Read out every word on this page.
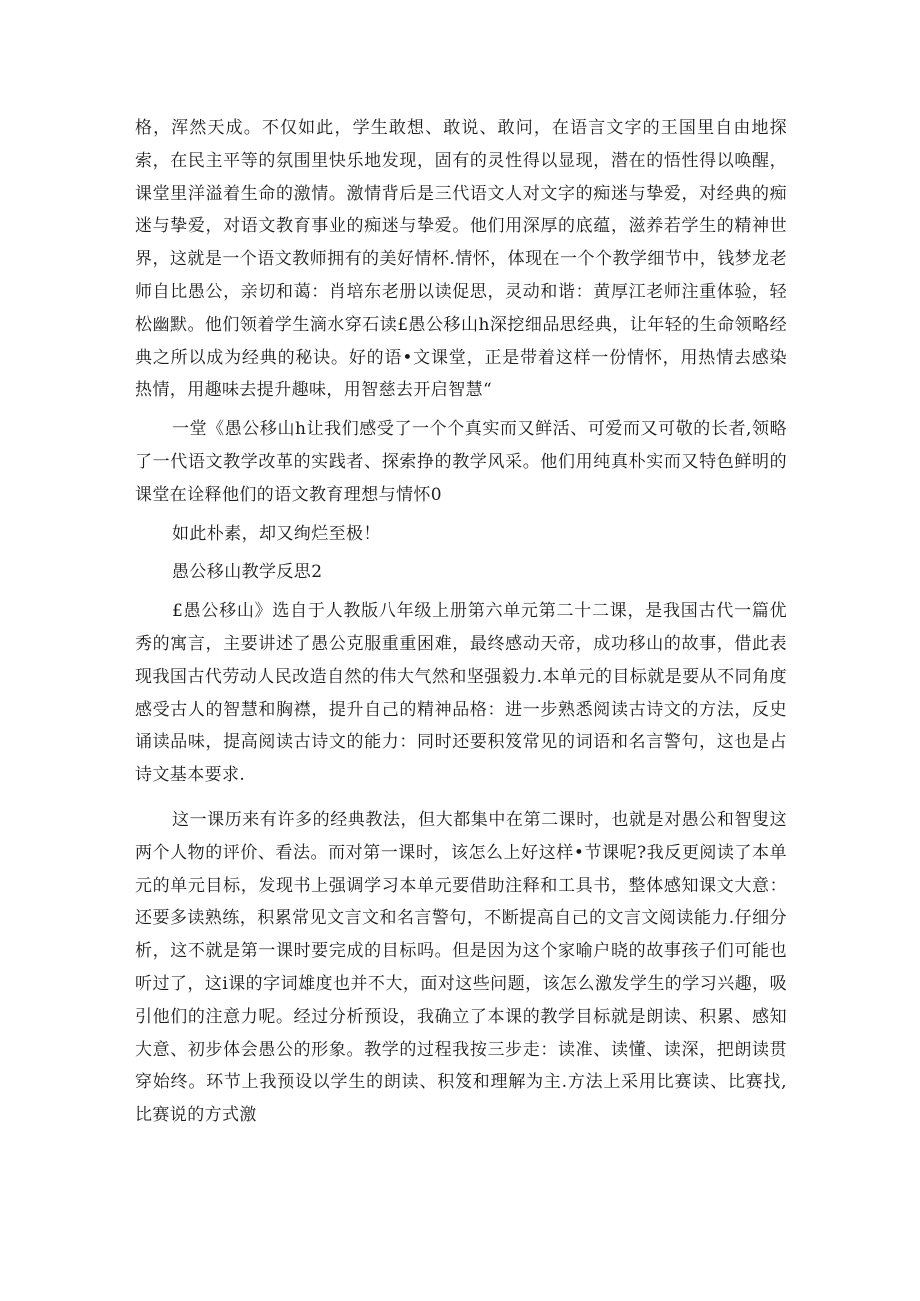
格，浑然天成。不仅如此，学生敢想、敢说、敢问，在语言文字的王国里自由地探索，在民主平等的氛围里快乐地发现，固有的灵性得以显现，潜在的悟性得以唤醒，课堂里洋溢着生命的激情。激情背后是三代语文人对文字的痴迷与挚爱，对经典的痴迷与挚爱，对语文教育事业的痴迷与挚爱。他们用深厚的底蕴，滋养若学生的精神世界，这就是一个语文教师拥有的美好情杯.情怀，体现在一个个教学细节中，钱梦龙老师自比愚公，亲切和蔼：肖培东老册以读促思，灵动和谐：黄厚江老师注重体验，轻松幽默。他们领着学生滴水穿石读£愚公移山h深挖细品思经典，让年轻的生命领略经典之所以成为经典的秘诀。好的语•文课堂，正是带着这样一份情怀，用热情去感染热情，用趣味去提升趣味，用智慈去开启智慧“

一堂《愚公移山h让我们感受了一个个真实而又鲜活、可爱而又可敬的长者,领略了一代语文教学改革的实践者、探索挣的教学风采。他们用纯真朴实而又特色鲜明的课堂在诠释他们的语文教育理想与情怀0

如此朴素，却又绚烂至极！

愚公移山教学反思2

£愚公移山》选自于人教版八年级上册第六单元第二十二课，是我国古代一篇优秀的寓言，主要讲述了愚公克服重重困难，最终感动天帝，成功移山的故事，借此表现我国古代劳动人民改造自然的伟大气然和坚强毅力.本单元的目标就是要从不同角度感受古人的智慧和胸襟，提升自己的精神品格：进一步熟悉阅读古诗文的方法，反史诵读品味，提高阅读古诗文的能力：同时还要积笈常见的词语和名言警句，这也是占诗文基本要求.

这一课历来有许多的经典教法，但大都集中在第二课时，也就是对愚公和智叟这两个人物的评价、看法。而对第一课时，该怎么上好这样•节课呢?我反更阅读了本单元的单元目标，发现书上强调学习本单元要借助注释和工具书，整体感知课文大意：还要多读熟练，积累常见文言文和名言警句，不断提高自己的文言文阅读能力.仔细分析，这不就是第一课时要完成的目标吗。但是因为这个家喻户晓的故事孩子们可能也听过了，这i课的字词雄度也并不大，面对这些问题，该怎么激发学生的学习兴趣，吸引他们的注意力呢。经过分析预设，我确立了本课的教学目标就是朗读、积累、感知大意、初步体会愚公的形象。教学的过程我按三步走：读准、读懂、读深，把朗读贯穿始终。环节上我预设以学生的朗读、积笈和理解为主.方法上采用比赛读、比赛找,比赛说的方式激
